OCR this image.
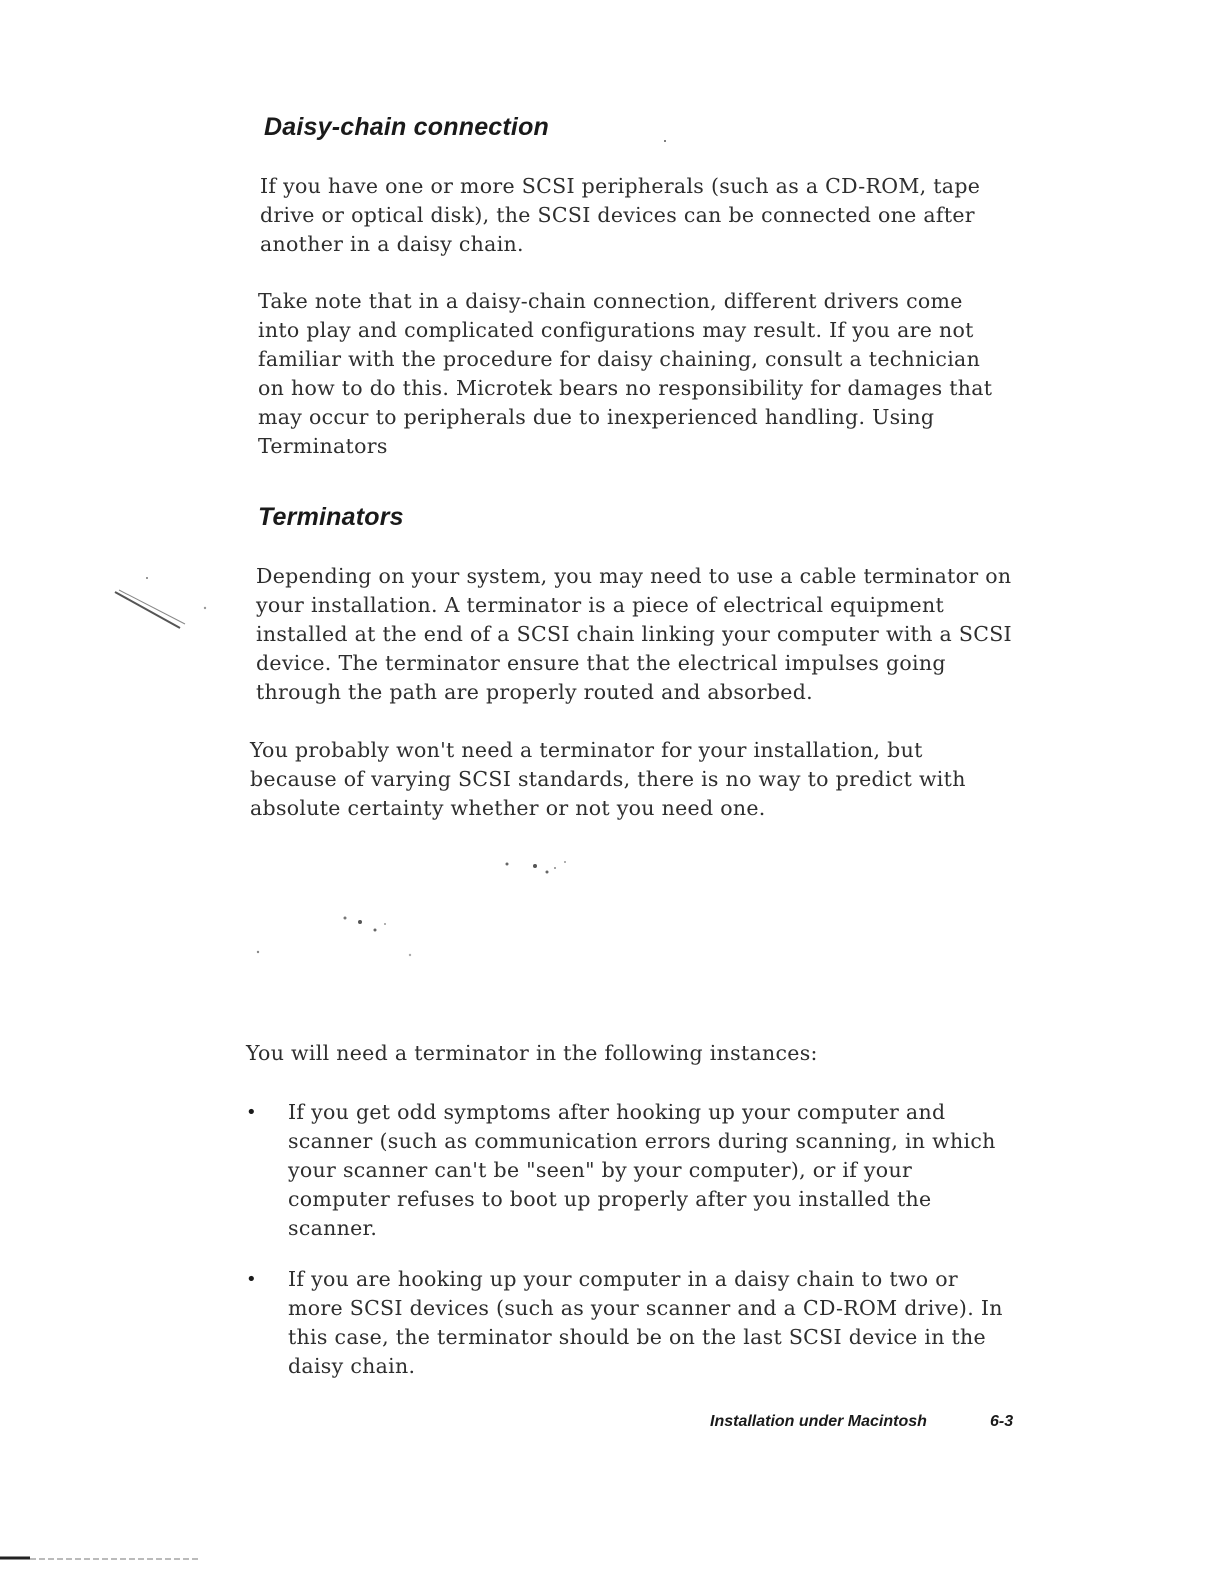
Daisy-chain connection

If you have one or more SCSI peripherals (such as a CD-ROM, tape drive or optical disk), the SCSI devices can be connected one after another in a daisy chain.

Take note that in a daisy-chain connection, different drivers come into play and complicated configurations may result. If you are not familiar with the procedure for daisy chaining, consult a technician on how to do this. Microtek bears no responsibility for damages that may occur to peripherals due to inexperienced handling. Using Terminators

Terminators

Depending on your system, you may need to use a cable terminator on your installation. A terminator is a piece of electrical equipment installed at the end of a SCSI chain linking your computer with a SCSI device. The terminator ensure that the electrical impulses going through the path are properly routed and absorbed.

You probably won't need a terminator for your installation, but because of varying SCSI standards, there is no way to predict with absolute certainty whether or not you need one.

You will need a terminator in the following instances:

• If you get odd symptoms after hooking up your computer and scanner (such as communication errors during scanning, in which your scanner can't be "seen" by your computer), or if your computer refuses to boot up properly after you installed the scanner.
• If you are hooking up your computer in a daisy chain to two or more SCSI devices (such as your scanner and a CD-ROM drive). In this case, the terminator should be on the last SCSI device in the daisy chain.
Installation under Macintosh	6-3
